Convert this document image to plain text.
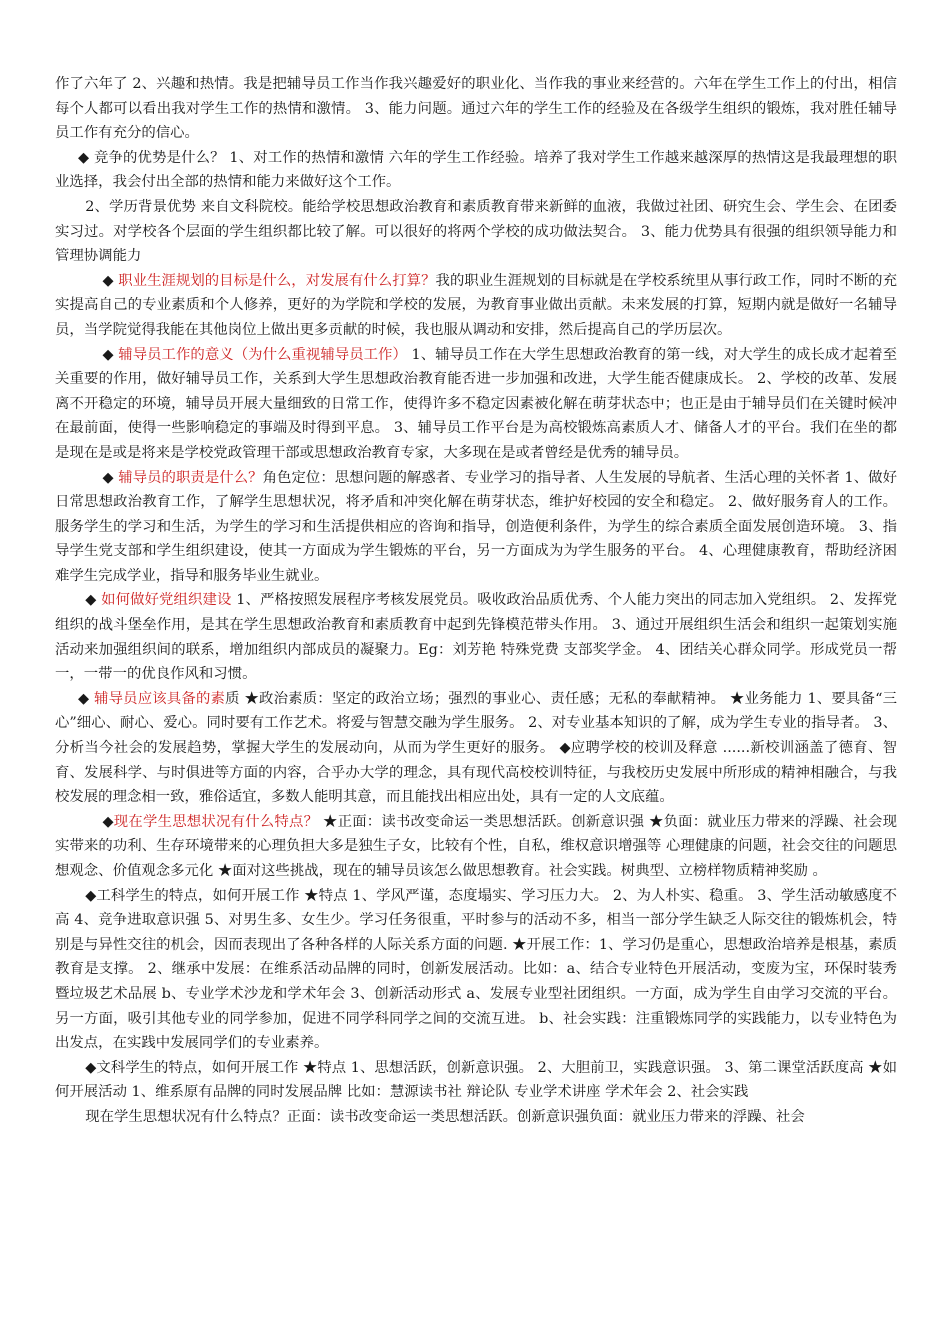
作了六年了 2、兴趣和热情。我是把辅导员工作当作我兴趣爱好的职业化、当作我的事业来经营的。六年在学生工作上的付出，相信每个人都可以看出我对学生工作的热情和激情。 3、能力问题。通过六年的学生工作的经验及在各级学生组织的锻炼，我对胜任辅导员工作有充分的信心。

◆ 竞争的优势是什么？ 1、对工作的热情和激情 六年的学生工作经验。培养了我对学生工作越来越深厚的热情这是我最理想的职业选择，我会付出全部的热情和能力来做好这个工作。

2、学历背景优势 来自文科院校。能给学校思想政治教育和素质教育带来新鲜的血液，我做过社团、研究生会、学生会、在团委实习过。对学校各个层面的学生组织都比较了解。可以很好的将两个学校的成功做法契合。 3、能力优势具有很强的组织领导能力和管理协调能力

◆ 职业生涯规划的目标是什么，对发展有什么打算？我的职业生涯规划的目标就是在学校系统里从事行政工作，同时不断的充实提高自己的专业素质和个人修养，更好的为学院和学校的发展，为教育事业做出贡献。未来发展的打算，短期内就是做好一名辅导员，当学院觉得我能在其他岗位上做出更多贡献的时候，我也服从调动和安排，然后提高自己的学历层次。

◆ 辅导员工作的意义（为什么重视辅导员工作） 1、辅导员工作在大学生思想政治教育的第一线，对大学生的成长成才起着至关重要的作用，做好辅导员工作，关系到大学生思想政治教育能否进一步加强和改进，大学生能否健康成长。 2、学校的改革、发展离不开稳定的环境，辅导员开展大量细致的日常工作，使得许多不稳定因素被化解在萌芽状态中；也正是由于辅导员们在关键时候冲在最前面，使得一些影响稳定的事端及时得到平息。 3、辅导员工作平台是为高校锻炼高素质人才、储备人才的平台。我们在坐的都是现在是或是将来是学校党政管理干部或思想政治教育专家，大多现在是或者曾经是优秀的辅导员。

◆ 辅导员的职责是什么？角色定位：思想问题的解惑者、专业学习的指导者、人生发展的导航者、生活心理的关怀者 1、做好日常思想政治教育工作，了解学生思想状况，将矛盾和冲突化解在萌芽状态，维护好校园的安全和稳定。 2、做好服务育人的工作。服务学生的学习和生活，为学生的学习和生活提供相应的咨询和指导，创造便利条件，为学生的综合素质全面发展创造环境。 3、指导学生党支部和学生组织建设，使其一方面成为学生锻炼的平台，另一方面成为为学生服务的平台。 4、心理健康教育，帮助经济困难学生完成学业，指导和服务毕业生就业。

◆ 如何做好党组织建设 1、严格按照发展程序考核发展党员。吸收政治品质优秀、个人能力突出的同志加入党组织。 2、发挥党组织的战斗堡垒作用，是其在学生思想政治教育和素质教育中起到先锋模范带头作用。 3、通过开展组织生活会和组织一起策划实施活动来加强组织间的联系，增加组织内部成员的凝聚力。Eg：刘芳艳 特殊党费 支部奖学金。 4、团结关心群众同学。形成党员一帮一，一带一的优良作风和习惯。

◆ 辅导员应该具备的素质 ★政治素质：坚定的政治立场；强烈的事业心、责任感；无私的奉献精神。 ★业务能力 1、要具备“三心”细心、耐心、爱心。同时要有工作艺术。将爱与智慧交融为学生服务。 2、对专业基本知识的了解，成为学生专业的指导者。 3、分析当今社会的发展趋势，掌握大学生的发展动向，从而为学生更好的服务。 ◆应聘学校的校训及释意 ......新校训涵盖了德育、智育、发展科学、与时俱进等方面的内容，合乎办大学的理念，具有现代高校校训特征，与我校历史发展中所形成的精神相融合，与我校发展的理念相一致，雅俗适宜，多数人能明其意，而且能找出相应出处，具有一定的人文底蕴。

◆现在学生思想状况有什么特点？ ★正面：读书改变命运一类思想活跃。创新意识强 ★负面：就业压力带来的浮躁、社会现实带来的功利、生存环境带来的心理负担大多是独生子女，比较有个性，自私，维权意识增强等 心理健康的问题，社会交往的问题思想观念、价值观念多元化 ★面对这些挑战，现在的辅导员该怎么做思想教育。社会实践。树典型、立榜样物质精神奖励 。

◆工科学生的特点，如何开展工作 ★特点 1、学风严谨，态度塌实、学习压力大。 2、为人朴实、稳重。 3、学生活动敏感度不高 4、竞争进取意识强 5、对男生多、女生少。学习任务很重，平时参与的活动不多，相当一部分学生缺乏人际交往的锻炼机会，特别是与异性交往的机会，因而表现出了各种各样的人际关系方面的问题. ★开展工作：1、学习仍是重心，思想政治培养是根基，素质教育是支撑。 2、继承中发展：在维系活动品牌的同时，创新发展活动。比如：a、结合专业特色开展活动，变废为宝，环保时装秀暨垃圾艺术品展 b、专业学术沙龙和学术年会 3、创新活动形式 a、发展专业型社团组织。一方面，成为学生自由学习交流的平台。另一方面，吸引其他专业的同学参加，促进不同学科同学之间的交流互进。 b、社会实践：注重锻炼同学的实践能力，以专业特色为出发点，在实践中发展同学们的专业素养。

◆文科学生的特点，如何开展工作 ★特点 1、思想活跃，创新意识强。 2、大胆前卫，实践意识强。 3、第二课堂活跃度高 ★如何开展活动 1、维系原有品牌的同时发展品牌 比如：慧源读书社 辩论队 专业学术讲座 学术年会 2、社会实践

现在学生思想状况有什么特点？正面：读书改变命运一类思想活跃。创新意识强负面：就业压力带来的浮躁、社会
